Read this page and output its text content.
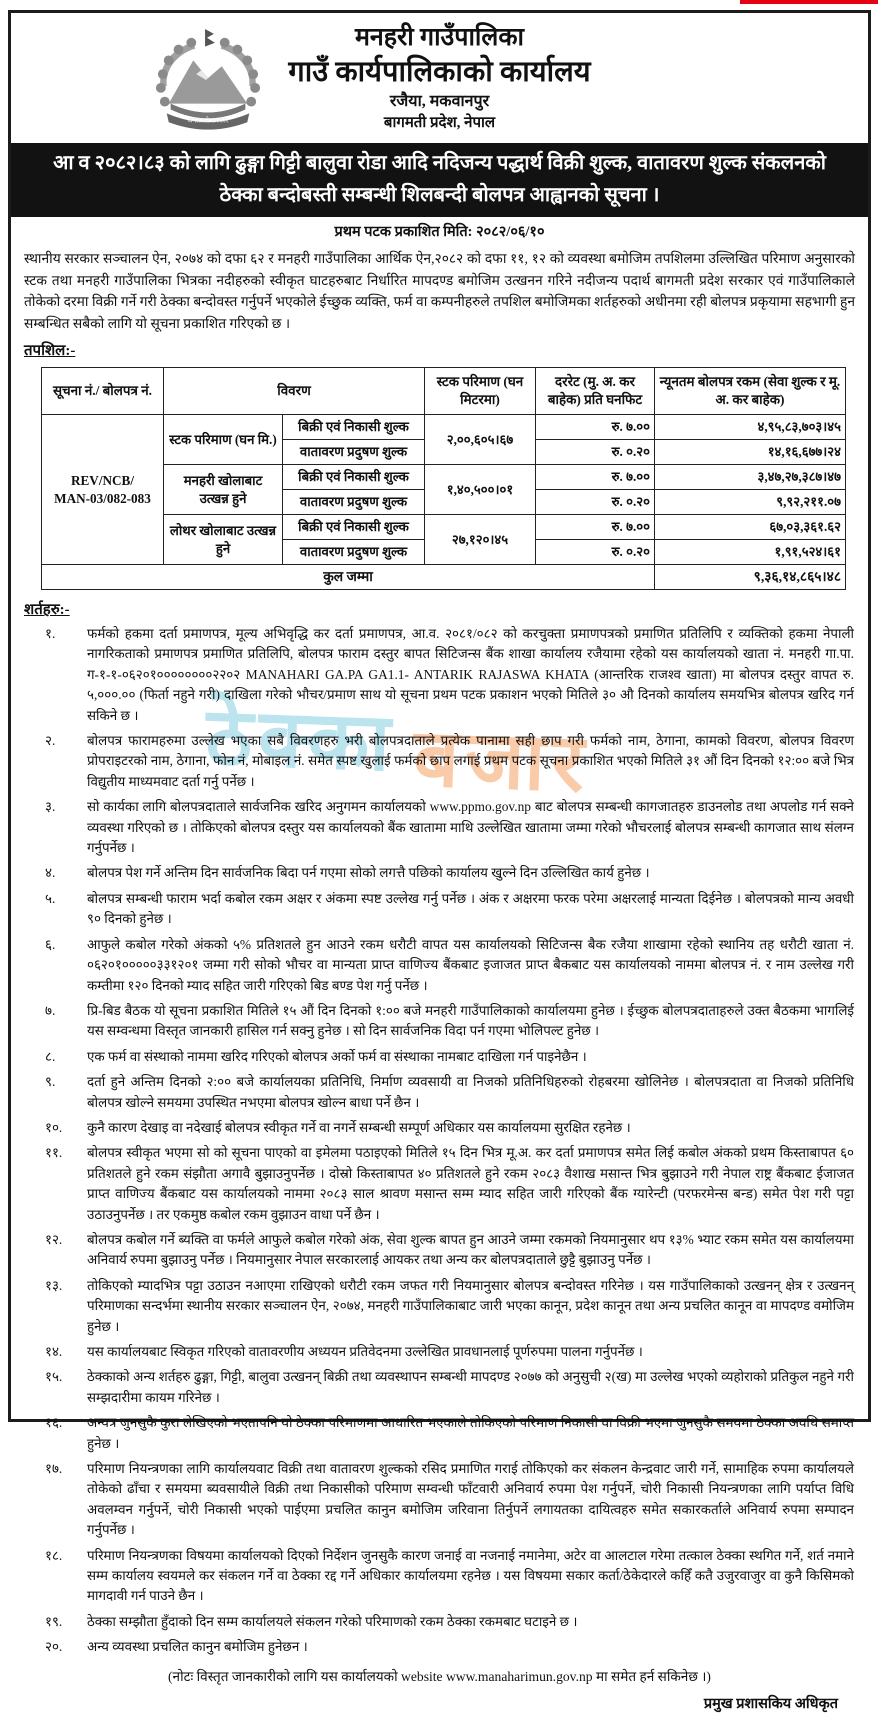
ठेक्का बजार
जनताको सरकार
मनहरी गाउँपालिका
गाउँ कार्यपालिकाको कार्यालय
रजैया, मकवानपुर
बागमती प्रदेश, नेपाल
आ व २०८२।८३ को लागि ढुङ्गा गिट्टी बालुवा रोडा आदि नदिजन्य पद्धार्थ विक्री शुल्क, वातावरण शुल्क संकलनको
ठेक्का बन्दोबस्ती सम्बन्धी शिलबन्दी बोलपत्र आह्वानको सूचना ।
प्रथम पटक प्रकाशित मिति: २०८२/०६/१०
स्थानीय सरकार सञ्चालन ऐन, २०७४ को दफा ६२ र मनहरी गाउँपालिका आर्थिक ऐन,२०८२ को दफा ११, १२ को व्यवस्था बमोजिम तपशिलमा उल्लिखित परिमाण अनुसारको स्टक तथा मनहरी गाउँपालिका भित्रका नदीहरुको स्वीकृत घाटहरुबाट निर्धारित मापदण्ड बमोजिम उत्खनन गरिने नदीजन्य पदार्थ बागमती प्रदेश सरकार एवं गाउँपालिकाले तोकेको दरमा विक्री गर्ने गरी ठेक्का बन्दोवस्त गर्नुपर्ने भएकोले ईच्छुक व्यक्ति, फर्म वा कम्पनीहरुले तपशिल बमोजिमका शर्तहरुको अधीनमा रही बोलपत्र प्रकृयामा सहभागी हुन सम्बन्धित सबैको लागि यो सूचना प्रकाशित गरिएको छ ।
तपशिल:-
सूचना नं./ बोलपत्र नं.	विवरण		स्टक परिमाण (घन मिटरमा)	दररेट (मु. अ. कर बाहेक) प्रति घनफिट	न्यूनतम बोलपत्र रकम (सेवा शुल्क र मू. अ. कर बाहेक)

REV/NCB/
MAN-03/082-083	स्टक परिमाण (घन मि.)	बिक्री एवं निकासी शुल्क	२,००,६०५।६७	रु. ७.००	४,९५,८३,७०३।४५
		वातावरण प्रदुषण शुल्क		रु. ०.२०	१४,१६,६७७।२४
	मनहरी खोलाबाट उत्खन्न हुने	बिक्री एवं निकासी शुल्क	१,४०,५००।०१	रु. ७.००	३,४७,२७,३८७।४७
		वातावरण प्रदुषण शुल्क		रु. ०.२०	९,९२,२११.०७
	लोथर खोलाबाट उत्खन्न हुने	बिक्री एवं निकासी शुल्क	२७,१२०।४५	रु. ७.००	६७,०३,३६१.६२
		वातावरण प्रदुषण शुल्क		रु. ०.२०	१,९१,५२४।६१
कुल जम्मा					९,३६,१४,८६५।४८
शर्तहरु:-
१.	फर्मको हकमा दर्ता प्रमाणपत्र, मूल्य अभिवृद्धि कर दर्ता प्रमाणपत्र, आ.व. २०८१/०८२ को करचुक्ता प्रमाणपत्रको प्रमाणित प्रतिलिपि र व्यक्तिको हकमा नेपाली नागरिकताको प्रमाणपत्र प्रमाणित प्रतिलिपि, बोलपत्र फाराम दस्तुर बापत सिटिजन्स बैंक शाखा कार्यालय रजैयामा रहेको यस कार्यालयको खाता नं. मनहरी गा.पा. ग-१-१-०६२०१००००००००२२०२ MANAHARI GA.PA GA1.1- ANTARIK RAJASWA KHATA (आन्तरिक राजश्व खाता) मा बोलपत्र दस्तुर वापत रु. ५,०००.०० (फिर्ता नहुने गरी) दाखिला गरेको भौचर/प्रमाण साथ यो सूचना प्रथम पटक प्रकाशन भएको मितिले ३० औ दिनको कार्यालय समयभित्र बोलपत्र खरिद गर्न सकिने छ ।
२.	बोलपत्र फारामहरुमा उल्लेख भएका सबै विवरणहरु भरी बोलपत्रदाताले प्रत्येक पानामा सही छाप गरी फर्मको नाम, ठेगाना, कामको विवरण, बोलपत्र विवरण प्रोपराइटरको नाम, ठेगाना, फोन नं, मोबाइल नं. समेत स्पष्ट खुलाई फर्मको छाप लगाई प्रथम पटक सूचना प्रकाशित भएको मितिले ३१ औं दिन दिनको १२:०० बजे भित्र विद्युतीय माध्यमवाट दर्ता गर्नु पर्नेछ ।
३.	सो कार्यका लागि बोलपत्रदाताले सार्वजनिक खरिद अनुगमन कार्यालयको www.ppmo.gov.np बाट बोलपत्र सम्बन्धी कागजातहरु डाउनलोड तथा अपलोड गर्न सक्ने व्यवस्था गरिएको छ । तोकिएको बोलपत्र दस्तुर यस कार्यालयको बैंक खातामा माथि उल्लेखित खातामा जम्मा गरेको भौचरलाई बोलपत्र सम्बन्धी कागजात साथ संलग्न गर्नुपर्नेछ ।
४.	बोलपत्र पेश गर्ने अन्तिम दिन सार्वजनिक बिदा पर्न गएमा सोको लगत्तै पछिको कार्यालय खुल्ने दिन उल्लिखित कार्य हुनेछ ।
५.	बोलपत्र सम्बन्धी फाराम भर्दा कबोल रकम अक्षर र अंकमा स्पष्ट उल्लेख गर्नु पर्नेछ । अंक र अक्षरमा फरक परेमा अक्षरलाई मान्यता दिईनेछ । बोलपत्रको मान्य अवधी ९० दिनको हुनेछ ।
६.	आफुले कबोल गरेको अंकको ५% प्रतिशतले हुन आउने रकम धरौटी वापत यस कार्यालयको सिटिजन्स बैक रजैया शाखामा रहेको स्थानिय तह धरौटी खाता नं. ०६२०१०००००३३१२०१ जम्मा गरी सोको भौचर वा मान्यता प्राप्त वाणिज्य बैंकबाट इजाजत प्राप्त बैकबाट यस कार्यालयको नाममा बोलपत्र नं. र नाम उल्लेख गरी कम्तीमा १२० दिनको म्याद सहित जारी गरिएको बिड बण्ड पेश गर्नु पर्नेछ ।
७.	प्रि-बिड बैठक यो सूचना प्रकाशित मितिले १५ औं दिन दिनको १:०० बजे मनहरी गाउँपालिकाको कार्यालयमा हुनेछ । ईच्छुक बोलपत्रदाताहरुले उक्त बैठकमा भागलिई यस सम्वन्धमा विस्तृत जानकारी हासिल गर्न सक्नु हुनेछ । सो दिन सार्वजनिक विदा पर्न गएमा भोलिपल्ट हुनेछ ।
८.	एक फर्म वा संस्थाको नाममा खरिद गरिएको बोलपत्र अर्को फर्म वा संस्थाका नामबाट दाखिला गर्न पाइनेछैन ।
९.	दर्ता हुने अन्तिम दिनको २:०० बजे कार्यालयका प्रतिनिधि, निर्माण व्यवसायी वा निजको प्रतिनिधिहरुको रोहबरमा खोलिनेछ । बोलपत्रदाता वा निजको प्रतिनिधि बोलपत्र खोल्ने समयमा उपस्थित नभएमा बोलपत्र खोल्न बाधा पर्ने छैन ।
१०.	कुनै कारण देखाइ वा नदेखाई बोलपत्र स्वीकृत गर्ने वा नगर्ने सम्बन्धी सम्पूर्ण अधिकार यस कार्यालयमा सुरक्षित रहनेछ ।
११.	बोलपत्र स्वीकृत भएमा सो को सूचना पाएको वा इमेलमा पठाइएको मितिले १५ दिन भित्र मू.अ. कर दर्ता प्रमाणपत्र समेत लिई कबोल अंकको प्रथम किस्ताबापत ६० प्रतिशतले हुने रकम संझौता अगावै बुझाउनुपर्नेछ । दोस्रो किस्ताबापत ४० प्रतिशतले हुने रकम २०८३ वैशाख मसान्त भित्र बुझाउने गरी नेपाल राष्ट्र बैंकबाट ईजाजत प्राप्त वाणिज्य बैंकबाट यस कार्यालयको नाममा २०८३ साल श्रावण मसान्त सम्म म्याद सहित जारी गरिएको बैंक ग्यारेन्टी (परफरमेन्स बन्ड) समेत पेश गरी पट्टा उठाउनुपर्नेछ । तर एकमुष्ठ कबोल रकम वुझाउन वाधा पर्ने छैन ।
१२.	बोलपत्र कबोल गर्ने ब्यक्ति वा फर्मले आफुले कबोल गरेको अंक, सेवा शुल्क बापत हुन आउने जम्मा रकमको नियमानुसार थप १३% भ्याट रकम समेत यस कार्यालयमा अनिवार्य रुपमा बुझाउनु पर्नेछ । नियमानुसार नेपाल सरकारलाई आयकर तथा अन्य कर बोलपत्रदाताले छुट्टै बुझाउनु पर्नेछ ।
१३.	तोकिएको म्यादभित्र पट्टा उठाउन नआएमा राखिएको धरौटी रकम जफत गरी नियमानुसार बोलपत्र बन्दोवस्त गरिनेछ । यस गाउँपालिकाको उत्खनन् क्षेत्र र उत्खनन् परिमाणका सन्दर्भमा स्थानीय सरकार सञ्चालन ऐन, २०७४, मनहरी गाउँपालिकाबाट जारी भएका कानून, प्रदेश कानून तथा अन्य प्रचलित कानून वा मापदण्ड वमोजिम हुनेछ ।
१४.	यस कार्यालयबाट स्विकृत गरिएको वातावरणीय अध्ययन प्रतिवेदनमा उल्लेखित प्रावधानलाई पूर्णरुपमा पालना गर्नुपर्नेछ ।
१५.	ठेक्काको अन्य शर्तहरु ढुङ्गा, गिट्टी, बालुवा उत्खनन् बिक्री तथा व्यवस्थापन सम्बन्धी मापदण्ड २०७७ को अनुसुची २(ख) मा उल्लेख भएको व्यहोराको प्रतिकुल नहुने गरी सम्झदारीमा कायम गरिनेछ ।
१६.	अन्यत्र जुनसुकै कुरा लेखिएको भएतापनि यो ठेक्का परिमाणमा आधारित भएकाले तोकिएको परिमाण निकासी वा विक्री भएमा जुनसुकै समयमा ठेक्का अवधि समाप्त हुनेछ ।
१७.	परिमाण नियन्त्रणका लागि कार्यालयवाट विक्री तथा वातावरण शुल्कको रसिद प्रमाणित गराई तोकिएको कर संकलन केन्द्रवाट जारी गर्ने, सामाहिक रुपमा कार्यालयले तोकेको ढाँचा र समयमा ब्यवसायीले विक्री तथा निकासीको परिमाण सम्वन्धी फाँटवारी अनिवार्य रुपमा पेश गर्नुपर्ने, चोरी निकासी नियन्त्रणका लागि पर्याप्त विधि अवलम्वन गर्नुपर्ने, चोरी निकासी भएको पाईएमा प्रचलित कानुन बमोजिम जरिवाना तिर्नुपर्ने लगायतका दायित्वहरु समेत सकारकर्ताले अनिवार्य रुपमा सम्पादन गर्नुपर्नेछ ।
१८.	परिमाण नियन्त्रणका विषयमा कार्यालयको दिएको निर्देशन जुनसुकै कारण जनाई वा नजनाई नमानेमा, अटेर वा आलटाल गरेमा तत्काल ठेक्का स्थगित गर्ने, शर्त नमाने सम्म कार्यालय स्वयमले कर संकलन गर्ने वा ठेक्का रद्द गर्ने अधिकार कार्यालयमा रहनेछ । यस विषयमा सकार कर्ता/ठेकेदारले कहिँ कतै उजुरवाजुर वा कुनै किसिमको मागदावी गर्न पाउने छैन ।
१९.	ठेक्का सम्झौता हुँदाको दिन सम्म कार्यालयले संकलन गरेको परिमाणको रकम ठेक्का रकमबाट घटाइने छ ।
२०.	अन्य व्यवस्था प्रचलित कानुन बमोजिम हुनेछन ।
(नोटः विस्तृत जानकारीको लागि यस कार्यालयको website www.manaharimun.gov.np मा समेत हर्न सकिनेछ ।)
प्रमुख प्रशासकिय अधिकृत
